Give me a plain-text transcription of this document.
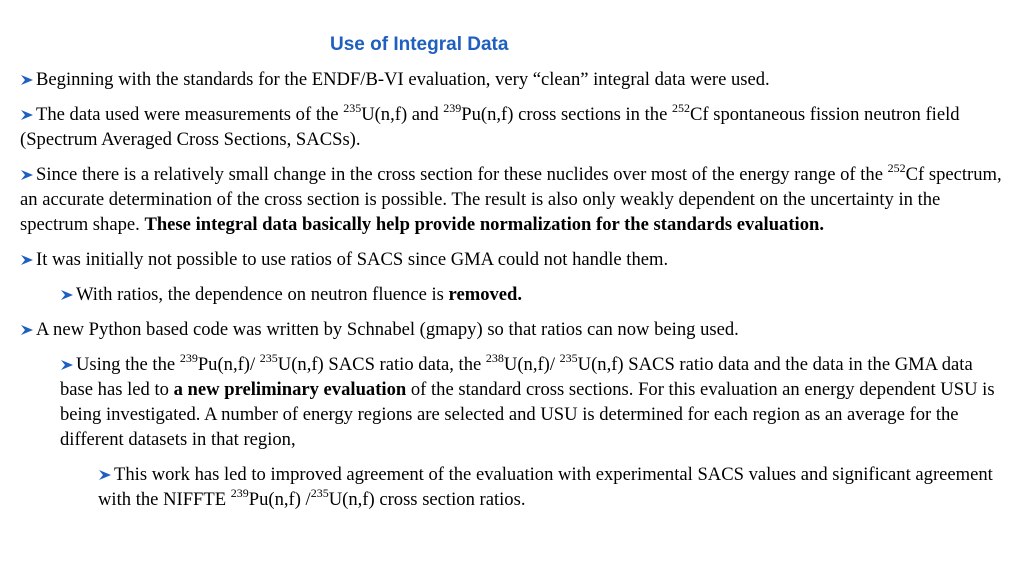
Use of Integral Data

Beginning with the standards for the ENDF/B-VI evaluation, very “clean” integral data were used.

The data used were measurements of the $^{235}$U(n,f) and $^{239}$Pu(n,f) cross sections in the $^{252}$Cf spontaneous fission neutron field (Spectrum Averaged Cross Sections, SACSs).

Since there is a relatively small change in the cross section for these nuclides over most of the energy range of the $^{252}$Cf spectrum, an accurate determination of the cross section is possible. The result is also only weakly dependent on the uncertainty in the spectrum shape. These integral data basically help provide normalization for the standards evaluation.

It was initially not possible to use ratios of SACS since GMA could not handle them.

With ratios, the dependence on neutron fluence is removed.

A new Python based code was written by Schnabel (gmapy) so that ratios can now being used.

Using the the $^{239}$Pu(n,f)/ $^{235}$U(n,f) SACS ratio data, the $^{238}$U(n,f)/ $^{235}$U(n,f) SACS ratio data and the data in the GMA data base has led to a new preliminary evaluation of the standard cross sections. For this evaluation an energy dependent USU is being investigated. A number of energy regions are selected and USU is determined for each region as an average for the different datasets in that region,

This work has led to improved agreement of the evaluation with experimental SACS values and significant agreement with the NIFFTE $^{239}$Pu(n,f) /$^{235}$U(n,f) cross section ratios.
